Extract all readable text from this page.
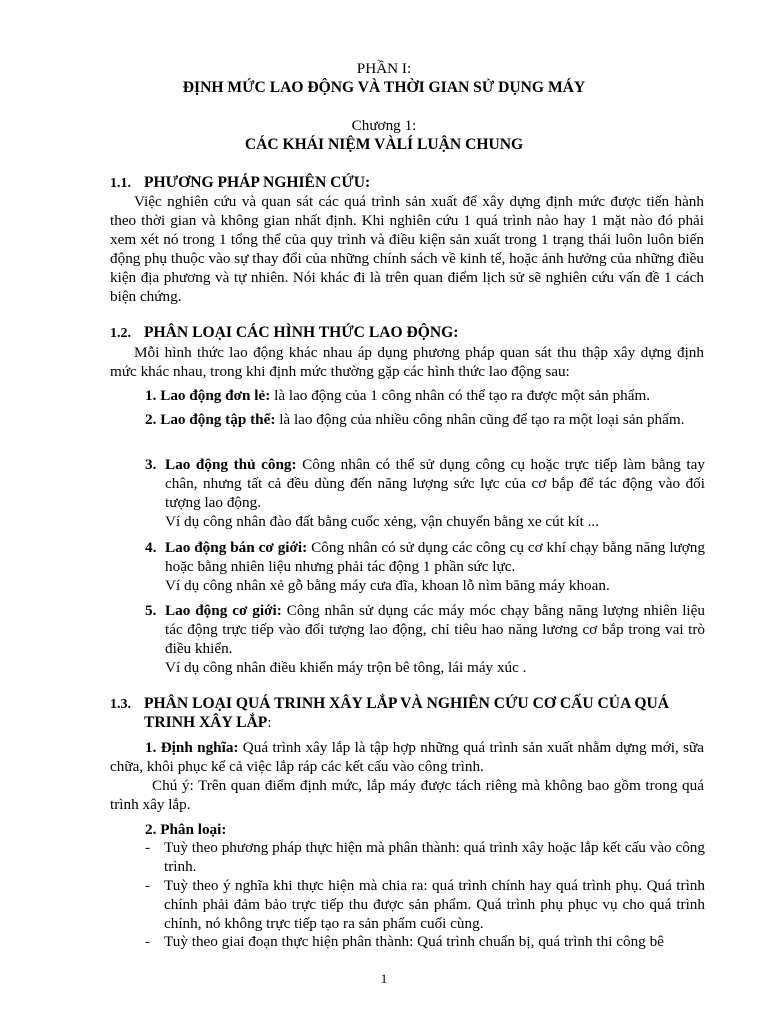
PHẦN I:
ĐỊNH MỨC LAO ĐỘNG VÀ THỜI GIAN SỬ DỤNG MÁY
Chương 1:
CÁC KHÁI NIỆM VÀLÍ LUẬN CHUNG
1.1. PHƯƠNG PHÁP NGHIÊN CỨU:
Việc nghiên cứu và quan sát các quá trình sản xuất để xây dựng định mức được tiến hành theo thời gian và không gian nhất định. Khi nghiên cứu 1 quá trình nào hay 1 mặt nào đó phải xem xét nó trong 1 tổng thể của quy trình và điều kiện sản xuất trong 1 trạng thái luôn luôn biến động phụ thuộc vào sự thay đổi của những chính sách về kinh tế, hoặc ảnh hưởng của những điều kiện địa phương và tự nhiên. Nói khác đi là trên quan điểm lịch sử sẽ nghiên cứu vấn đề 1 cách biện chứng.
1.2. PHÂN LOẠI CÁC HÌNH THỨC LAO ĐỘNG:
Mỗi hình thức lao động khác nhau áp dụng phương pháp quan sát thu thập xây dựng định mức khác nhau, trong khi định mức thường gặp các hình thức lao động sau:
1. Lao động đơn lẻ: là lao động của 1 công nhân có thể tạo ra được một sản phẩm.
2. Lao động tập thể: là lao động của nhiều công nhân cũng để tạo ra một loại sản phẩm.
3. Lao động thủ công: Công nhân có thể sử dụng công cụ hoặc trực tiếp làm bằng tay chân, nhưng tất cả đều dùng đến năng lượng sức lực của cơ bắp để tác động vào đối tượng lao động.
Ví dụ công nhân đào đất bằng cuốc xẻng, vận chuyển bằng xe cút kít ...
4. Lao động bán cơ giới: Công nhân có sử dụng các công cụ cơ khí chạy bằng năng lượng hoặc bằng nhiên liệu nhưng phải tác động 1 phần sức lực.
Ví dụ công nhân xẻ gỗ bằng máy cưa đĩa, khoan lỗ nìm băng máy khoan.
5. Lao động cơ giới: Công nhân sử dụng các máy móc chạy bằng năng lượng nhiên liệu tác động trực tiếp vào đối tượng lao động, chỉ tiêu hao năng lương cơ bắp trong vai trò điều khiển.
Ví dụ công nhân điều khiển máy trộn bê tông, lái máy xúc .
1.3. PHÂN LOẠI QUÁ TRINH XÂY LẮP VÀ NGHIÊN CỨU CƠ CẤU CỦA QUÁ
TRINH XÂY LẮP:
1. Định nghĩa: Quá trình xây lắp là tập hợp những quá trình sản xuất nhằm dựng mới, sữa chữa, khôi phục kể cả việc lắp ráp các kết cấu vào công trình.
Chú ý: Trên quan điểm định mức, lắp máy được tách riêng mà không bao gồm trong quá trình xây lắp.
2. Phân loại:
- Tuỳ theo phương pháp thực hiện mà phân thành: quá trình xây hoặc lắp kết cấu vào công trình.
- Tuỳ theo ý nghĩa khi thực hiện mà chia ra: quá trình chính hay quá trình phụ. Quá trình chính phải đảm bảo trực tiếp thu được sản phẩm. Quá trình phụ phục vụ cho quá trình chính, nó không trực tiếp tạo ra sản phẩm cuối cùng.
- Tuỳ theo giai đoạn thực hiện phân thành: Quá trình chuẩn bị, quá trình thi công bê
1
